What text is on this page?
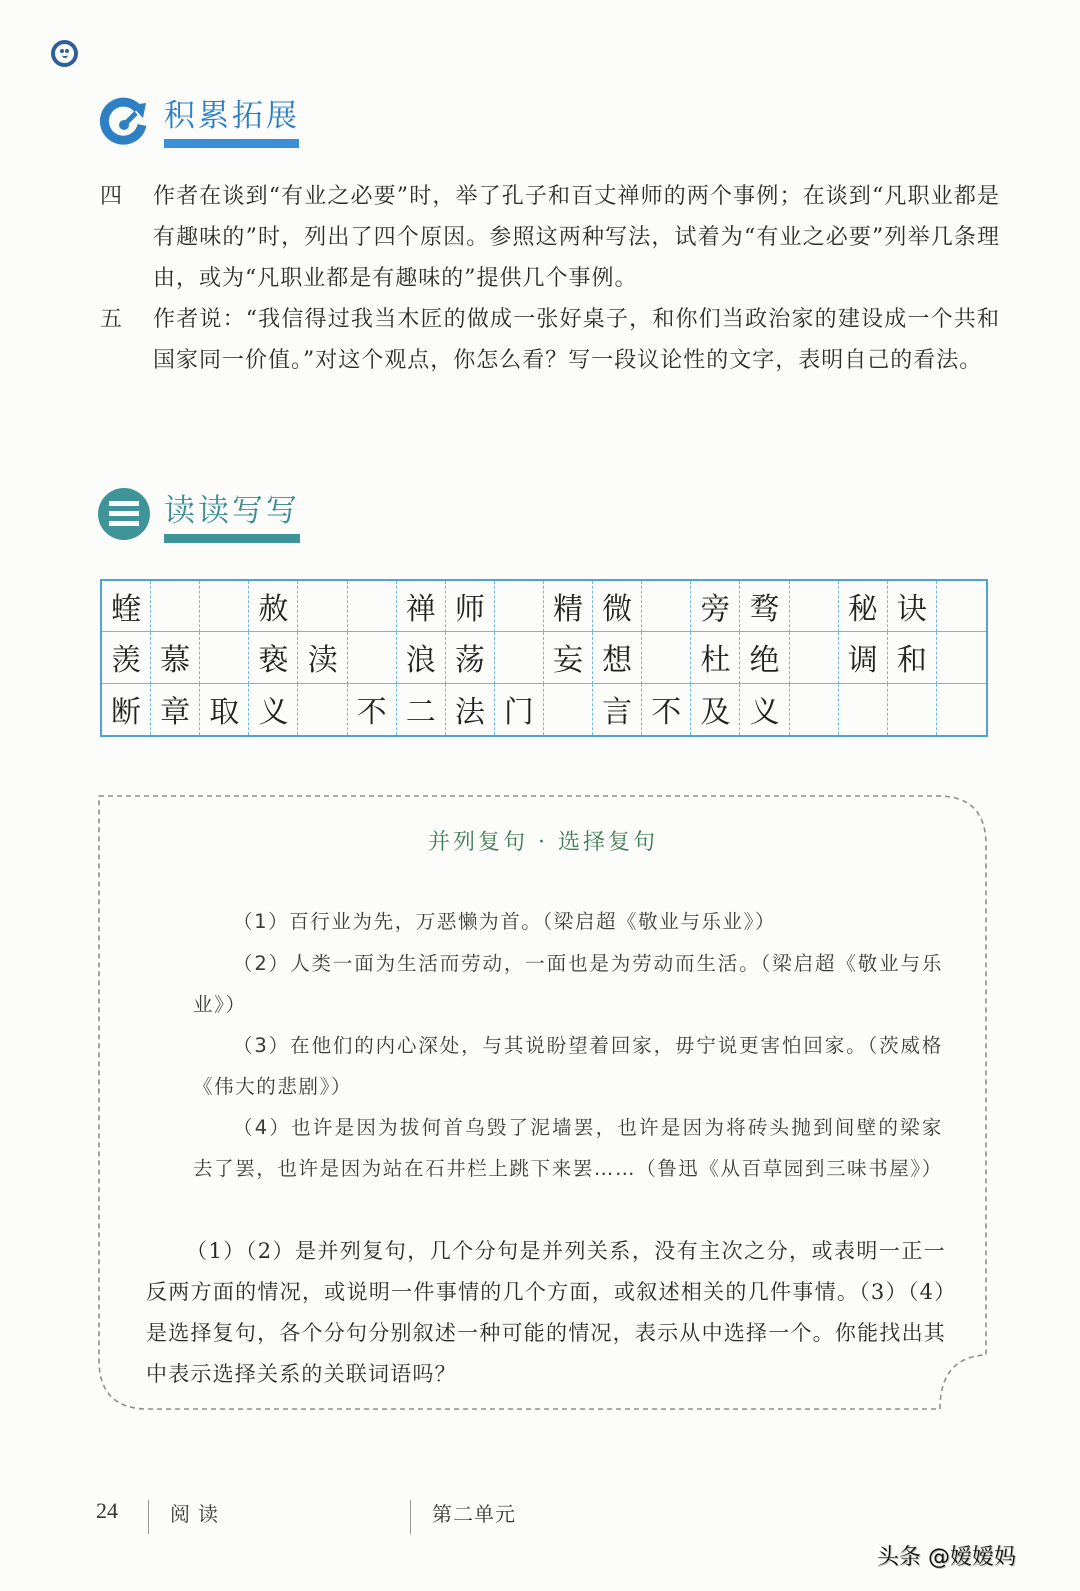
积累拓展
四	作者在谈到“有业之必要”时，举了孔子和百丈禅师的两个事例；在谈到“凡职业都是有趣味的”时，列出了四个原因。参照这两种写法，试着为“有业之必要”列举几条理由，或为“凡职业都是有趣味的”提供几个事例。
五	作者说：“我信得过我当木匠的做成一张好桌子，和你们当政治家的建设成一个共和国家同一价值。”对这个观点，你怎么看？写一段议论性的文字，表明自己的看法。
读读写写
蝰	赦	禅 师	精 微	旁 骛	秘 诀
羡 慕	亵 渎	浪 荡	妄 想	杜 绝	调 和
断 章 取 义	不 二 法 门	言 不 及 义
并列复句 · 选择复句

（1）百行业为先，万恶懒为首。（梁启超《敬业与乐业》）

（2）人类一面为生活而劳动，一面也是为劳动而生活。（梁启超《敬业与乐业》）

（3）在他们的内心深处，与其说盼望着回家，毋宁说更害怕回家。（茨威格《伟大的悲剧》）

（4）也许是因为拔何首乌毁了泥墙罢，也许是因为将砖头抛到间壁的梁家去了罢，也许是因为站在石井栏上跳下来罢……（鲁迅《从百草园到三味书屋》）

（1）（2）是并列复句，几个分句是并列关系，没有主次之分，或表明一正一反两方面的情况，或说明一件事情的几个方面，或叙述相关的几件事情。（3）（4）是选择复句，各个分句分别叙述一种可能的情况，表示从中选择一个。你能找出其中表示选择关系的关联词语吗？

24	阅读	第二单元
头条 @嫒嫒妈
